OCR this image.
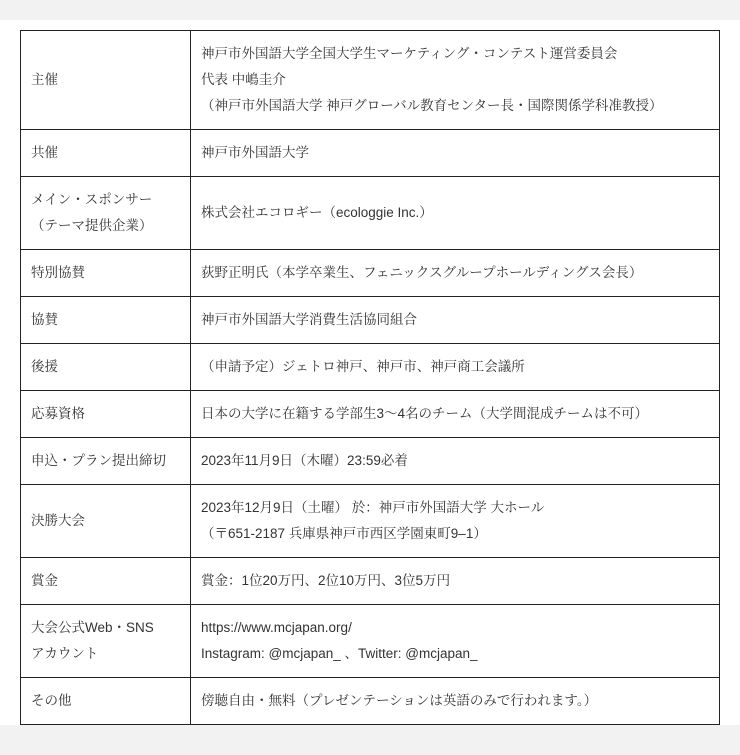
主催	神戸市外国語大学全国大学生マーケティング・コンテスト運営委員会
代表 中嶋圭介
（神戸市外国語大学 神戸グローバル教育センター長・国際関係学科准教授）

共催	神戸市外国語大学

メイン・スポンサー
（テーマ提供企業）	株式会社エコロギー（ecologgie Inc.）

特別協賛	荻野正明氏（本学卒業生、フェニックスグループホールディングス会長）

協賛	神戸市外国語大学消費生活協同組合

後援	（申請予定）ジェトロ神戸、神戸市、神戸商工会議所

応募資格	日本の大学に在籍する学部生3～4名のチーム（大学間混成チームは不可）

申込・プラン提出締切	2023年11月9日（木曜）23:59必着

決勝大会	2023年12月9日（土曜） 於：神戸市外国語大学 大ホール
（〒651-2187 兵庫県神戸市西区学園東町9–1）

賞金	賞金：1位20万円、2位10万円、3位5万円

大会公式Web・SNS
アカウント	https://www.mcjapan.org/
Instagram: @mcjapan_ 、Twitter: @mcjapan_

その他	傍聴自由・無料（プレゼンテーションは英語のみで行われます。）
